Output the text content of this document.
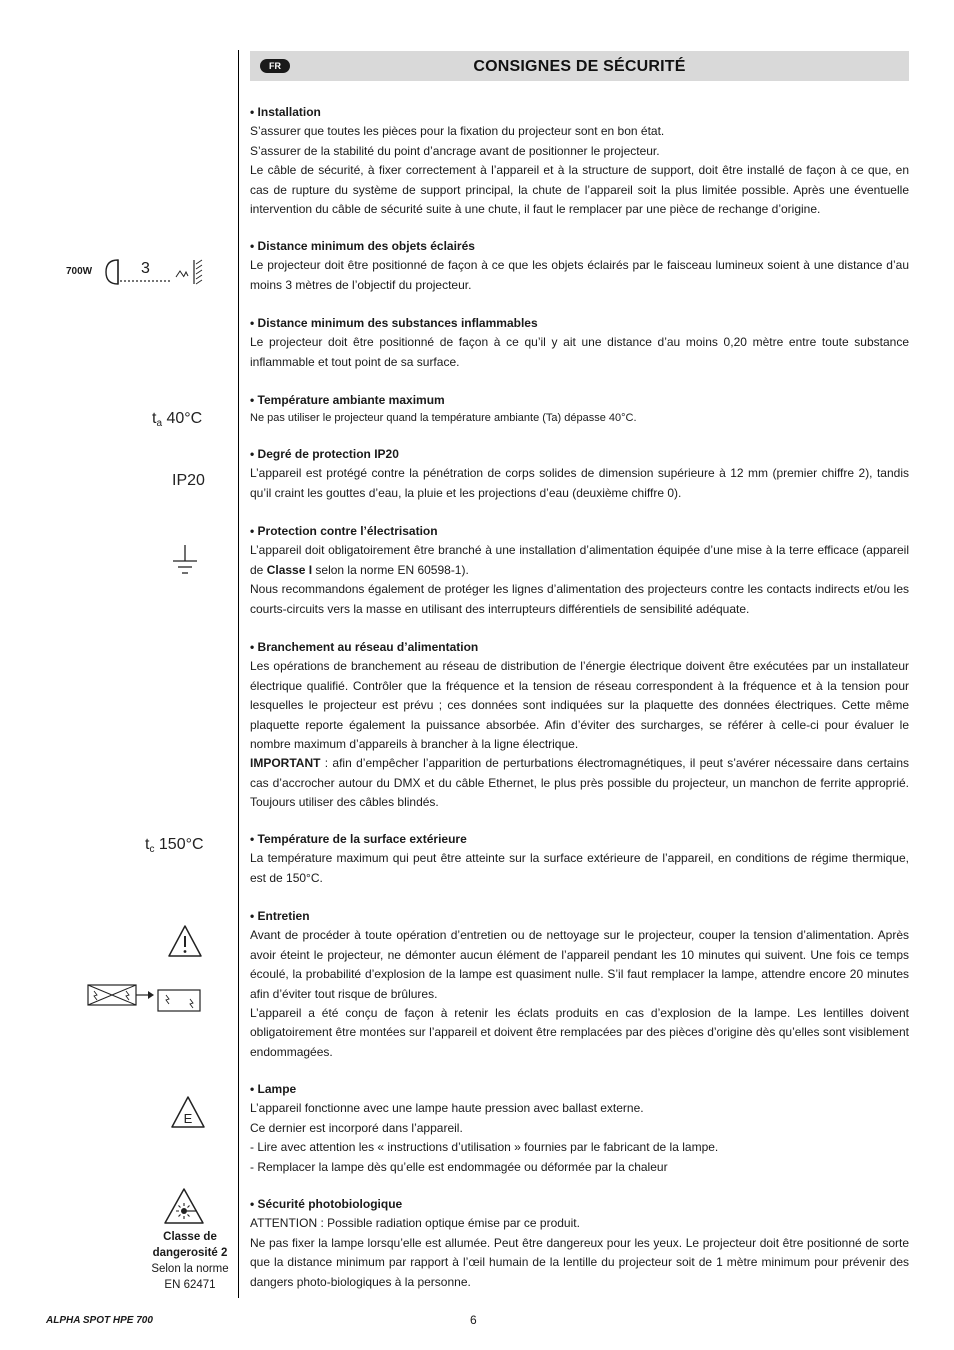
FR	CONSIGNES DE SÉCURITÉ
700W	3
$t_a$ 40°C
IP20
$t_c$ 150°C
E
Classe de
dangerosité 2
Selon la norme
EN 62471
• Installation

S’assurer que toutes les pièces pour la fixation du projecteur sont en bon état.

S’assurer de la stabilité du point d’ancrage avant de positionner le projecteur.

Le câble de sécurité, à fixer correctement à l’appareil et à la structure de support, doit être installé de façon à ce que, en cas de rupture du système de support principal, la chute de l’appareil soit la plus limitée possible. Après une éventuelle intervention du câble de sécurité suite à une chute, il faut le remplacer par une pièce de rechange d’origine.

• Distance minimum des objets éclairés

Le projecteur doit être positionné de façon à ce que les objets éclairés par le faisceau lumineux soient à une distance d’au moins 3 mètres de l’objectif du projecteur.

• Distance minimum des substances inflammables

Le projecteur doit être positionné de façon à ce qu’il y ait une distance d’au moins 0,20 mètre entre toute substance inflammable et tout point de sa surface.

• Température ambiante maximum

Ne pas utiliser le projecteur quand la température ambiante (Ta) dépasse 40°C.

• Degré de protection IP20

L’appareil est protégé contre la pénétration de corps solides de dimension supérieure à 12 mm (premier chiffre 2), tandis qu’il craint les gouttes d’eau, la pluie et les projections d’eau (deuxième chiffre 0).

• Protection contre l’électrisation

L’appareil doit obligatoirement être branché à une installation d’alimentation équipée d’une mise à la terre efficace (appareil de Classe I selon la norme EN 60598-1).

Nous recommandons également de protéger les lignes d’alimentation des projecteurs contre les contacts indirects et/ou les courts-circuits vers la masse en utilisant des interrupteurs différentiels de sensibilité adéquate.

• Branchement au réseau d’alimentation

Les opérations de branchement au réseau de distribution de l’énergie électrique doivent être exécutées par un installateur électrique qualifié. Contrôler que la fréquence et la tension de réseau correspondent à la fréquence et à la tension pour lesquelles le projecteur est prévu ; ces données sont indiquées sur la plaquette des données électriques. Cette même plaquette reporte également la puissance absorbée. Afin d’éviter des surcharges, se référer à celle-ci pour évaluer le nombre maximum d’appareils à brancher à la ligne électrique.

IMPORTANT : afin d’empêcher l’apparition de perturbations électromagnétiques, il peut s’avérer nécessaire dans certains cas d’accrocher autour du DMX et du câble Ethernet, le plus près possible du projecteur, un manchon de ferrite approprié. Toujours utiliser des câbles blindés.

• Température de la surface extérieure

La température maximum qui peut être atteinte sur la surface extérieure de l’appareil, en conditions de régime thermique, est de 150°C.

• Entretien

Avant de procéder à toute opération d’entretien ou de nettoyage sur le projecteur, couper la tension d’alimentation. Après avoir éteint le projecteur, ne démonter aucun élément de l’appareil pendant les 10 minutes qui suivent. Une fois ce temps écoulé, la probabilité d’explosion de la lampe est quasiment nulle. S’il faut remplacer la lampe, attendre encore 20 minutes afin d’éviter tout risque de brûlures.

L’appareil a été conçu de façon à retenir les éclats produits en cas d’explosion de la lampe. Les lentilles doivent obligatoirement être montées sur l’appareil et doivent être remplacées par des pièces d’origine dès qu’elles sont visiblement endommagées.

• Lampe

L’appareil fonctionne avec une lampe haute pression avec ballast externe.

Ce dernier est incorporé dans l’appareil.

- Lire avec attention les « instructions d’utilisation » fournies par le fabricant de la lampe.
- Remplacer la lampe dès qu’elle est endommagée ou déformée par la chaleur
• Sécurité photobiologique

ATTENTION : Possible radiation optique émise par ce produit.

Ne pas fixer la lampe lorsqu’elle est allumée. Peut être dangereux pour les yeux. Le projecteur doit être positionné de sorte que la distance minimum par rapport à l’œil humain de la lentille du projecteur soit de 1 mètre minimum pour prévenir des dangers photo-biologiques à la personne.

ALPHA SPOT HPE 700	6
